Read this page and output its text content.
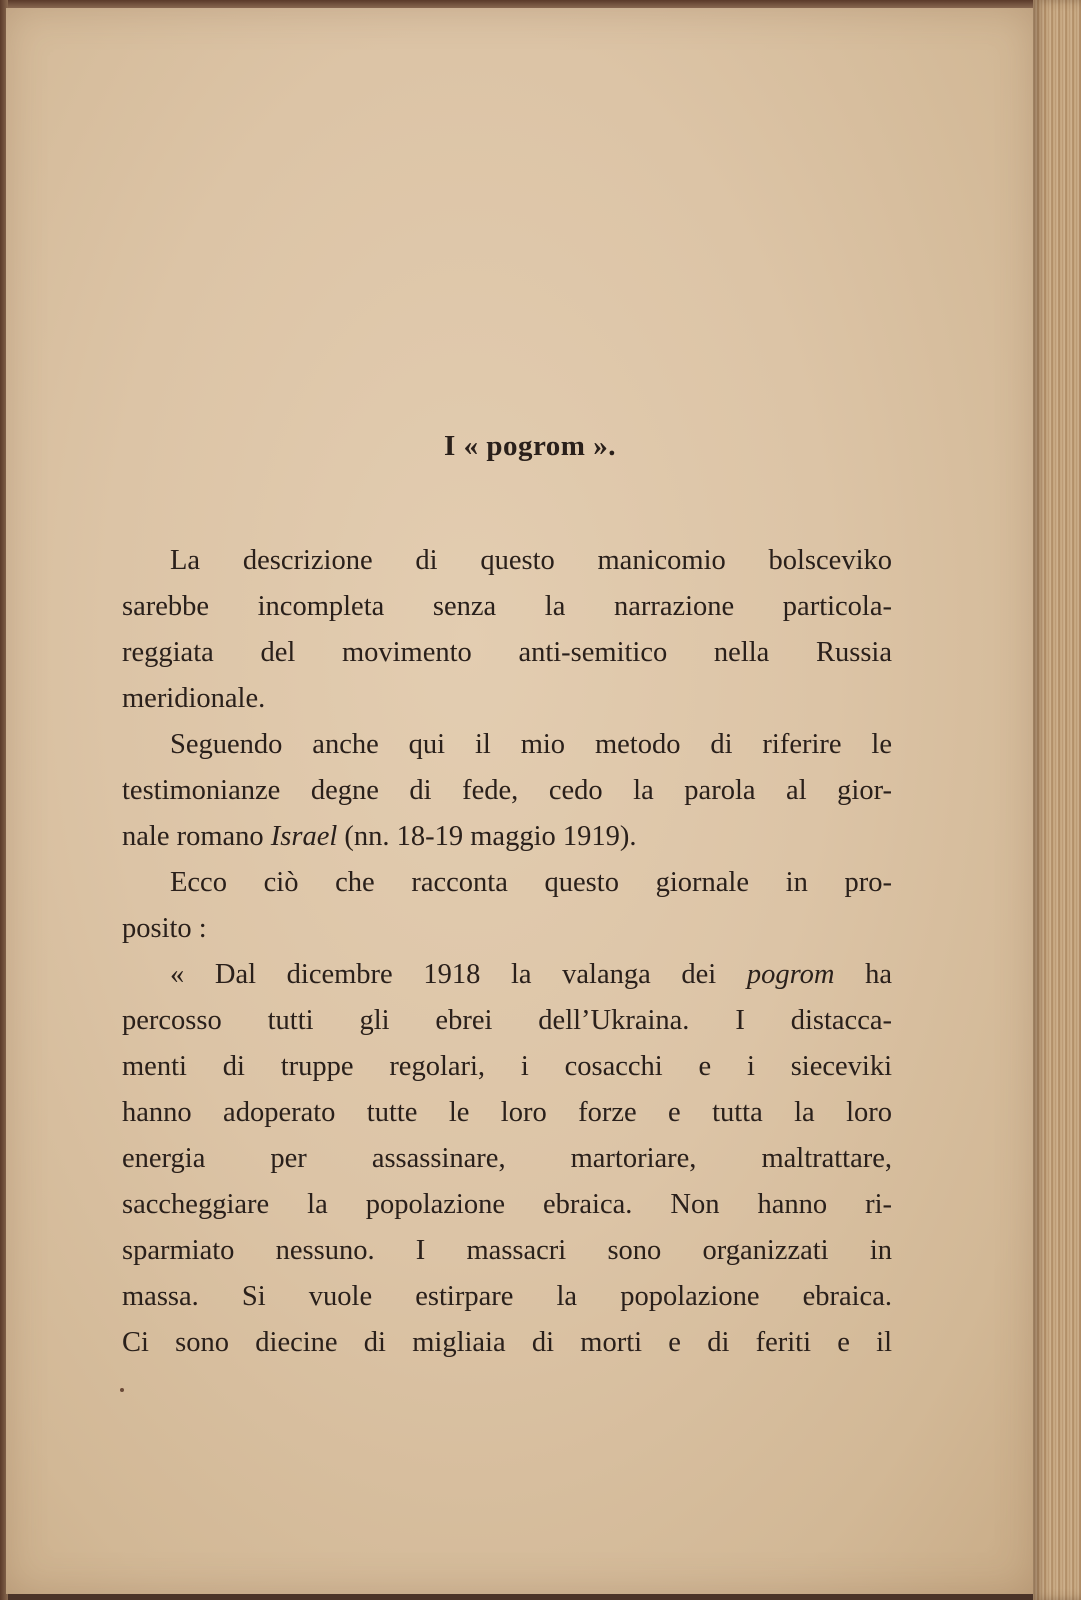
I « pogrom ».
La descrizione di questo manicomio bolsceviko
sarebbe incompleta senza la narrazione particola-
reggiata del movimento anti-semitico nella Russia
meridionale.
Seguendo anche qui il mio metodo di riferire le
testimonianze degne di fede, cedo la parola al gior-
nale romano Israel (nn. 18-19 maggio 1919).
Ecco ciò che racconta questo giornale in pro-
posito :
« Dal dicembre 1918 la valanga dei pogrom ha
percosso tutti gli ebrei dell’Ukraina. I distacca-
menti di truppe regolari, i cosacchi e i sieceviki
hanno adoperato tutte le loro forze e tutta la loro
energia per assassinare, martoriare, maltrattare,
saccheggiare la popolazione ebraica. Non hanno ri-
sparmiato nessuno. I massacri sono organizzati in
massa. Si vuole estirpare la popolazione ebraica.
Ci sono diecine di migliaia di morti e di feriti e il
